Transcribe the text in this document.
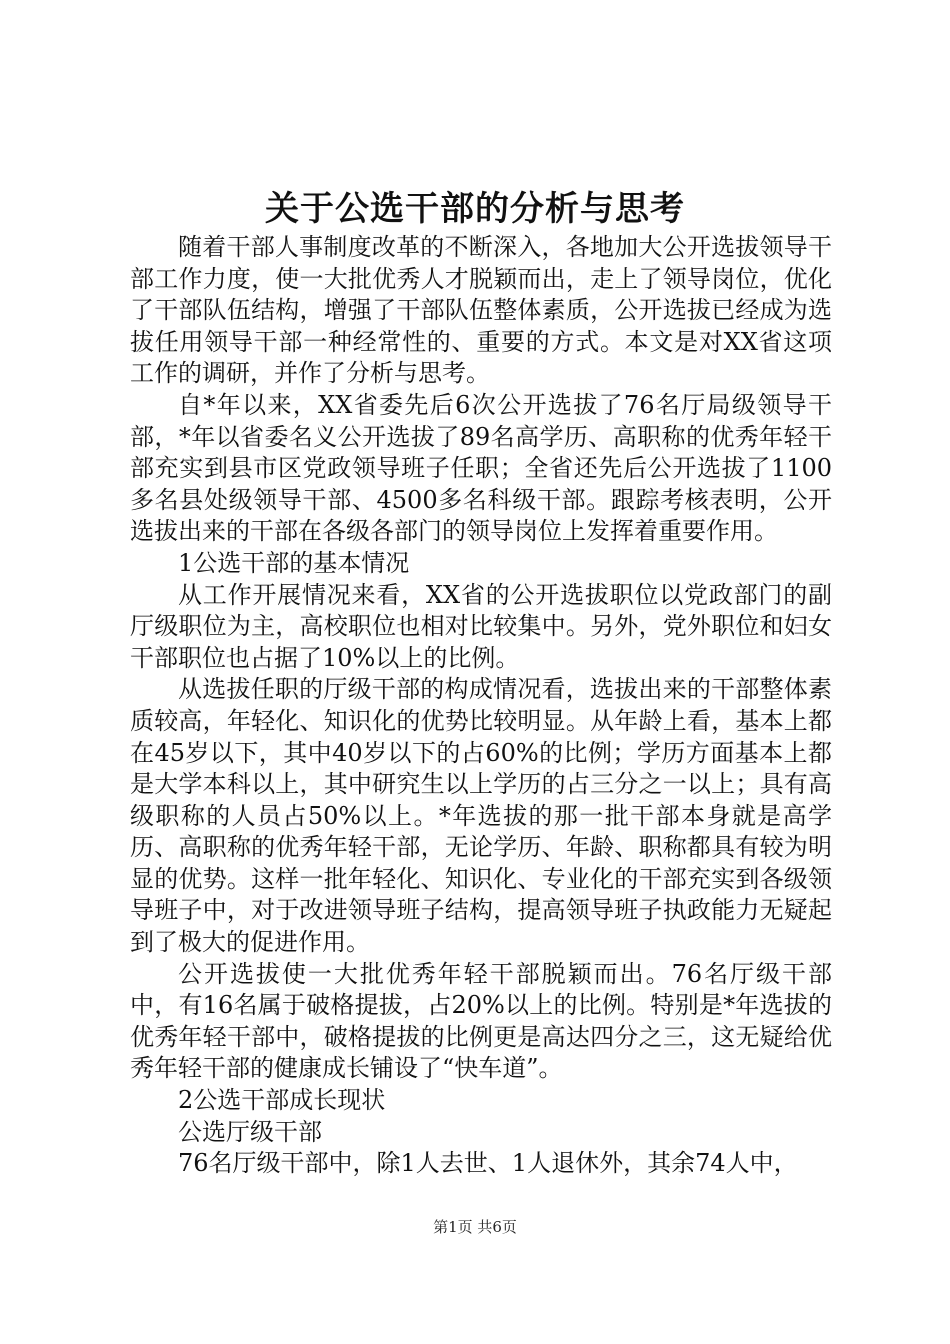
关于公选干部的分析与思考

随着干部人事制度改革的不断深入，各地加大公开选拔领导干部工作力度，使一大批优秀人才脱颖而出，走上了领导岗位，优化了干部队伍结构，增强了干部队伍整体素质，公开选拔已经成为选拔任用领导干部一种经常性的、重要的方式。本文是对XX省这项工作的调研，并作了分析与思考。

自*年以来，XX省委先后6次公开选拔了76名厅局级领导干部，*年以省委名义公开选拔了89名高学历、高职称的优秀年轻干部充实到县市区党政领导班子任职；全省还先后公开选拔了1100多名县处级领导干部、4500多名科级干部。跟踪考核表明，公开选拔出来的干部在各级各部门的领导岗位上发挥着重要作用。

1公选干部的基本情况

从工作开展情况来看，XX省的公开选拔职位以党政部门的副厅级职位为主，高校职位也相对比较集中。另外，党外职位和妇女干部职位也占据了10%以上的比例。

从选拔任职的厅级干部的构成情况看，选拔出来的干部整体素质较高，年轻化、知识化的优势比较明显。从年龄上看，基本上都在45岁以下，其中40岁以下的占60%的比例；学历方面基本上都是大学本科以上，其中研究生以上学历的占三分之一以上；具有高级职称的人员占50%以上。*年选拔的那一批干部本身就是高学历、高职称的优秀年轻干部，无论学历、年龄、职称都具有较为明显的优势。这样一批年轻化、知识化、专业化的干部充实到各级领导班子中，对于改进领导班子结构，提高领导班子执政能力无疑起到了极大的促进作用。

公开选拔使一大批优秀年轻干部脱颖而出。76名厅级干部中，有16名属于破格提拔，占20%以上的比例。特别是*年选拔的优秀年轻干部中，破格提拔的比例更是高达四分之三，这无疑给优秀年轻干部的健康成长铺设了“快车道”。

2公选干部成长现状

公选厅级干部

76名厅级干部中，除1人去世、1人退休外，其余74人中，

第1页 共6页
